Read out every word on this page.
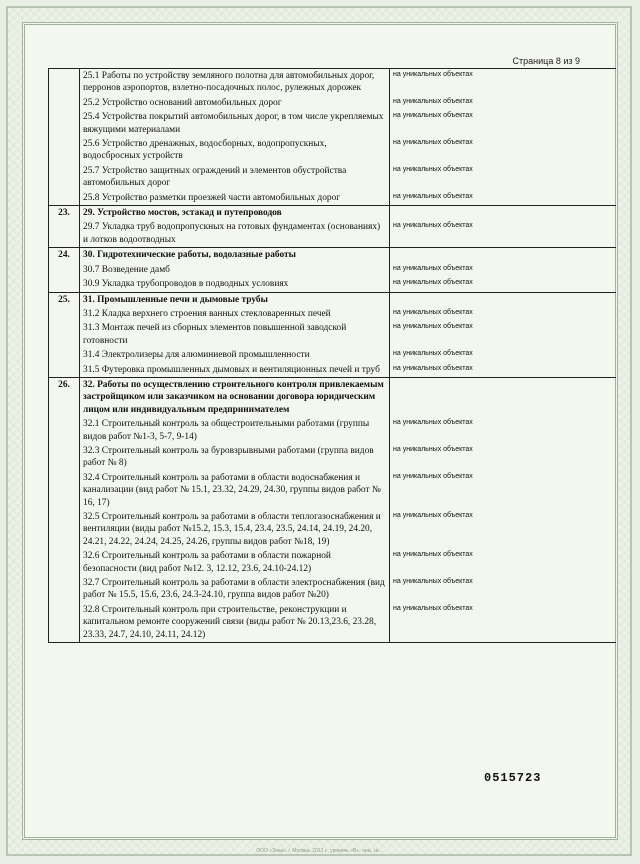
Страница 8 из 9
	25.1 Работы по устройству земляного полотна для автомобильных дорог, перронов аэропортов, взлетно-посадочных полос, рулежных дорожек	на уникальных объектах
	25.2 Устройство оснований автомобильных дорог	на уникальных объектах
	25.4 Устройства покрытий автомобильных дорог, в том числе укрепляемых вяжущими материалами	на уникальных объектах
	25.6 Устройство дренажных, водосборных, водопропускных, водосбросных устройств	на уникальных объектах
	25.7 Устройство защитных ограждений и элементов обустройства автомобильных дорог	на уникальных объектах
	25.8 Устройство разметки проезжей части автомобильных дорог	на уникальных объектах
23.	29. Устройство мостов, эстакад и путепроводов	
	29.7 Укладка труб водопропускных на готовых фундаментах (основаниях) и лотков водоотводных	на уникальных объектах
24.	30. Гидротехнические работы, водолазные работы	
	30.7 Возведение дамб	на уникальных объектах
	30.9 Укладка трубопроводов в подводных условиях	на уникальных объектах
25.	31. Промышленные печи и дымовые трубы	
	31.2 Кладка верхнего строения ванных стекловаренных печей	на уникальных объектах
	31.3 Монтаж печей из сборных элементов повышенной заводской готовности	на уникальных объектах
	31.4 Электролизеры для алюминиевой промышленности	на уникальных объектах
	31.5 Футеровка промышленных дымовых и вентиляционных печей и труб	на уникальных объектах
26.	32. Работы по осуществлению строительного контроля привлекаемым застройщиком или заказчиком на основании договора юридическим лицом или индивидуальным предпринимателем	
	32.1 Строительный контроль за общестроительными работами (группы видов работ №1-3, 5-7, 9-14)	на уникальных объектах
	32.3 Строительный контроль за буровзрывными работами (группа видов работ № 8)	на уникальных объектах
	32.4 Строительный контроль за работами в области водоснабжения и канализации (вид работ № 15.1, 23.32, 24.29, 24.30, группы видов работ № 16, 17)	на уникальных объектах
	32.5 Строительный контроль за работами в области теплогазоснабжения и вентиляции (виды работ №15.2, 15.3, 15.4, 23.4, 23.5, 24.14, 24.19, 24.20, 24.21, 24.22, 24.24, 24.25, 24.26, группы видов работ №18, 19)	на уникальных объектах
	32.6 Строительный контроль за работами в области пожарной безопасности (вид работ №12. 3, 12.12, 23.6, 24.10-24.12)	на уникальных объектах
	32.7 Строительный контроль за работами в области электроснабжения (вид работ № 15.5, 15.6, 23.6, 24.3-24.10, группа видов работ №20)	на уникальных объектах
	32.8 Строительный контроль при строительстве, реконструкции и капитальном ремонте сооружений связи (виды работ № 20.13,23.6, 23.28, 23.33, 24.7, 24.10, 24.11, 24.12)	на уникальных объектах
0515723
ООО «Знак», г. Москва, 2012 г., уровень «В», лиц. №…
